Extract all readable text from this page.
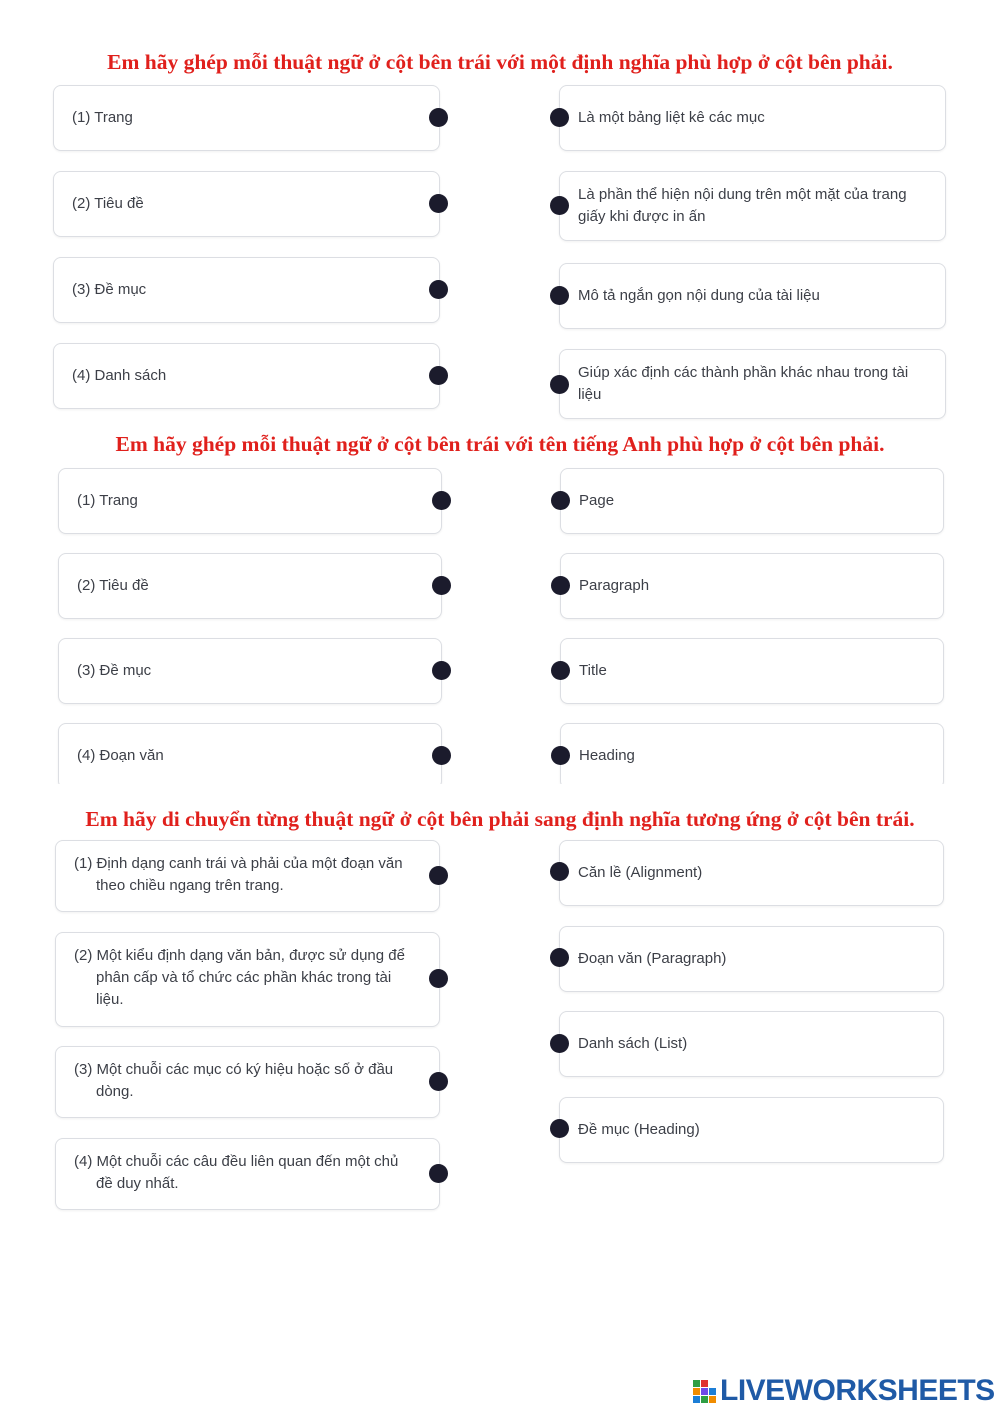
Em hãy ghép mỗi thuật ngữ ở cột bên trái với một định nghĩa phù hợp ở cột bên phải.
(1) Trang
(2) Tiêu đề
(3) Đề mục
(4) Danh sách
Là một bảng liệt kê các mục
Là phần thể hiện nội dung trên một mặt của trang giấy khi được in ấn
Mô tả ngắn gọn nội dung của tài liệu
Giúp xác định các thành phần khác nhau trong tài liệu
Em hãy ghép mỗi thuật ngữ ở cột bên trái với tên tiếng Anh phù hợp ở cột bên phải.
(1) Trang
(2) Tiêu đề
(3) Đề mục
(4) Đoạn văn
Page
Paragraph
Title
Heading
Em hãy di chuyển từng thuật ngữ ở cột bên phải sang định nghĩa tương ứng ở cột bên trái.
(1) Định dạng canh trái và phải của một đoạn văn theo chiều ngang trên trang.
(2) Một kiểu định dạng văn bản, được sử dụng để phân cấp và tổ chức các phần khác trong tài liệu.
(3) Một chuỗi các mục có ký hiệu hoặc số ở đầu dòng.
(4) Một chuỗi các câu đều liên quan đến một chủ đề duy nhất.
Căn lề (Alignment)
Đoạn văn (Paragraph)
Danh sách (List)
Đề mục (Heading)
LIVEWORKSHEETS
